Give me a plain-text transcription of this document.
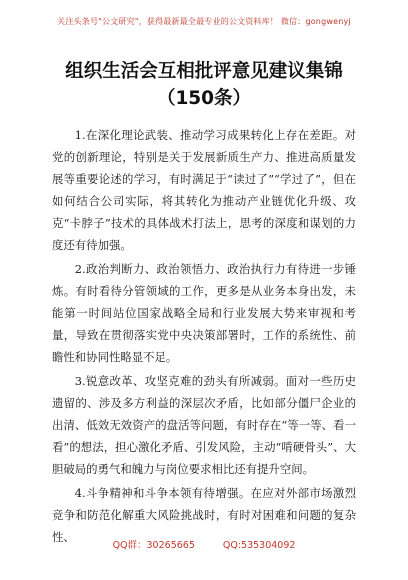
关注头条号"公文研究"，获得最新最全最专业的公文资料库！ 微信：gongwenyj
组织生活会互相批评意见建议集锦（150条）

1.在深化理论武装、推动学习成果转化上存在差距。对党的创新理论，特别是关于发展新质生产力、推进高质量发展等重要论述的学习，有时满足于“读过了”“学过了”，但在如何结合公司实际，将其转化为推动产业链优化升级、攻克“卡脖子”技术的具体战术打法上，思考的深度和谋划的力度还有待加强。

2.政治判断力、政治领悟力、政治执行力有待进一步锤炼。有时看待分管领域的工作，更多是从业务本身出发，未能第一时间站位国家战略全局和行业发展大势来审视和考量，导致在贯彻落实党中央决策部署时，工作的系统性、前瞻性和协同性略显不足。

3.锐意改革、攻坚克难的劲头有所减弱。面对一些历史遗留的、涉及多方利益的深层次矛盾，比如部分僵尸企业的出清、低效无效资产的盘活等问题，有时存在“等一等、看一看”的想法，担心激化矛盾、引发风险，主动“啃硬骨头”、大胆破局的勇气和魄力与岗位要求相比还有提升空间。

4.斗争精神和斗争本领有待增强。在应对外部市场激烈竞争和防范化解重大风险挑战时，有时对困难和问题的复杂性、

QQ群：30265665	QQ:535304092
